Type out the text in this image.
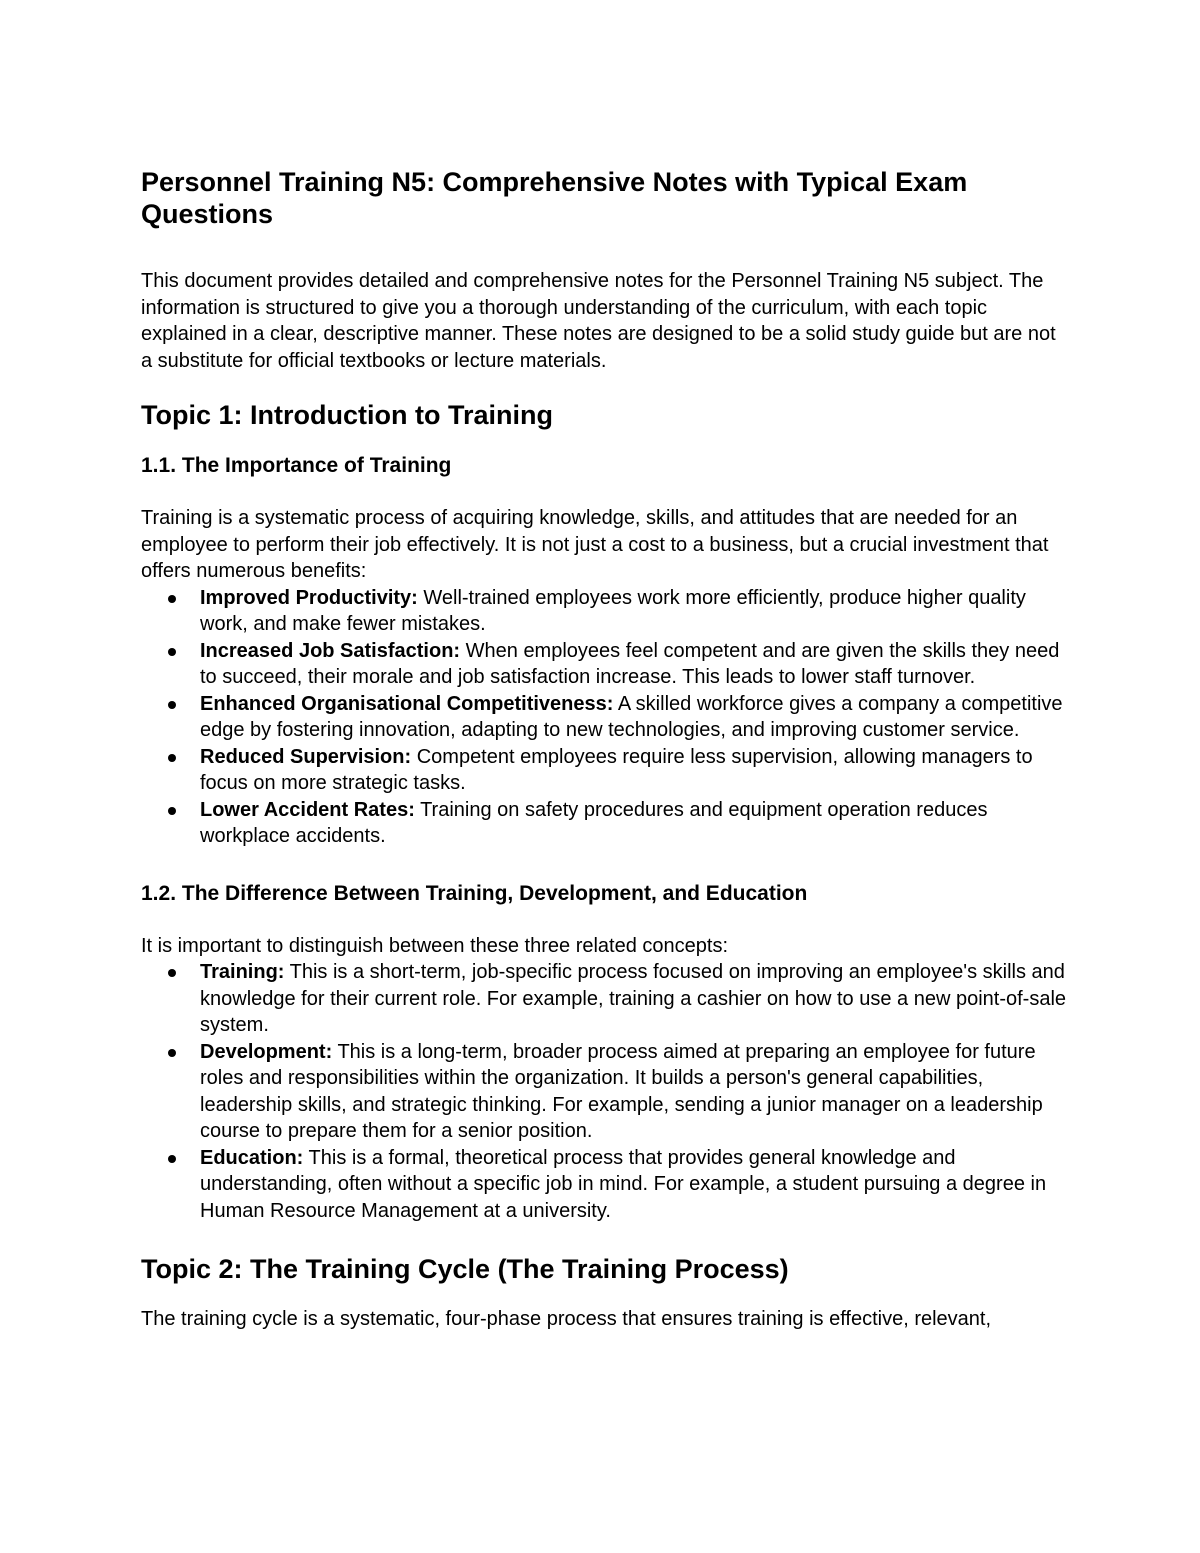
Personnel Training N5: Comprehensive Notes with Typical Exam Questions

This document provides detailed and comprehensive notes for the Personnel Training N5 subject. The information is structured to give you a thorough understanding of the curriculum, with each topic explained in a clear, descriptive manner. These notes are designed to be a solid study guide but are not a substitute for official textbooks or lecture materials.

Topic 1: Introduction to Training
1.1. The Importance of Training

Training is a systematic process of acquiring knowledge, skills, and attitudes that are needed for an employee to perform their job effectively. It is not just a cost to a business, but a crucial investment that offers numerous benefits:

Improved Productivity: Well-trained employees work more efficiently, produce higher quality work, and make fewer mistakes.
Increased Job Satisfaction: When employees feel competent and are given the skills they need to succeed, their morale and job satisfaction increase. This leads to lower staff turnover.
Enhanced Organisational Competitiveness: A skilled workforce gives a company a competitive edge by fostering innovation, adapting to new technologies, and improving customer service.
Reduced Supervision: Competent employees require less supervision, allowing managers to focus on more strategic tasks.
Lower Accident Rates: Training on safety procedures and equipment operation reduces workplace accidents.
1.2. The Difference Between Training, Development, and Education

It is important to distinguish between these three related concepts:

Training: This is a short-term, job-specific process focused on improving an employee's skills and knowledge for their current role. For example, training a cashier on how to use a new point-of-sale system.
Development: This is a long-term, broader process aimed at preparing an employee for future roles and responsibilities within the organization. It builds a person's general capabilities, leadership skills, and strategic thinking. For example, sending a junior manager on a leadership course to prepare them for a senior position.
Education: This is a formal, theoretical process that provides general knowledge and understanding, often without a specific job in mind. For example, a student pursuing a degree in Human Resource Management at a university.
Topic 2: The Training Cycle (The Training Process)

The training cycle is a systematic, four-phase process that ensures training is effective, relevant,
